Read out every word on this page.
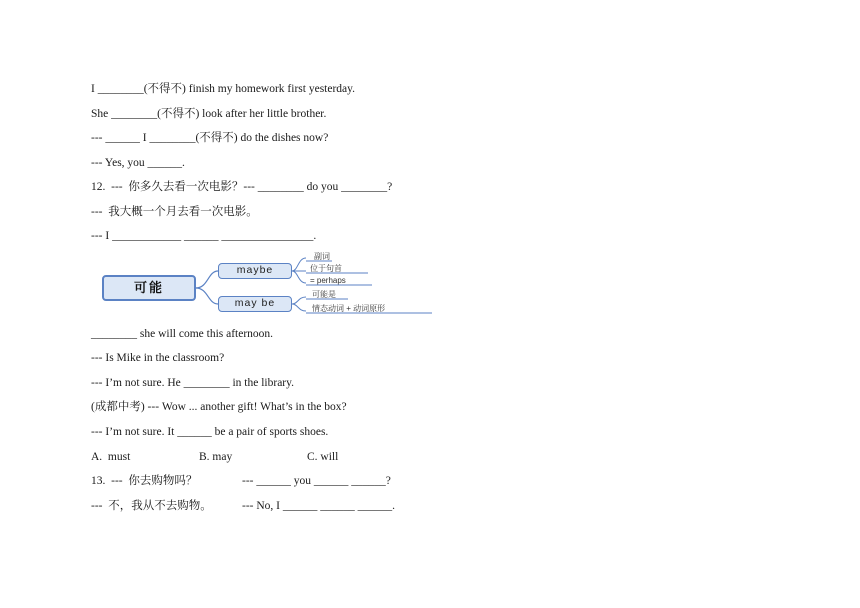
I ________(不得不) finish my homework first yesterday.
She ________(不得不) look after her little brother.
--- ______ I ________(不得不) do the dishes now?
--- Yes, you ______.
12.  ---  你多久去看一次电影？--- ________ do you ________?
---  我大概一个月去看一次电影。
--- I ____________ ______ ________________.
可能
maybe
may be
副词
位于句首
= perhaps
可能是
情态动词 + 动词原形
________ she will come this afternoon.
--- Is Mike in the classroom?
--- I’m not sure. He ________ in the library.
(成都中考) --- Wow ... another gift! What’s in the box?
--- I’m not sure. It ______ be a pair of sports shoes.
A.  must	B. may	C. will
13.  ---  你去购物吗？	--- ______ you ______ ______?
---  不，我从不去购物。	--- No, I ______ ______ ______.
